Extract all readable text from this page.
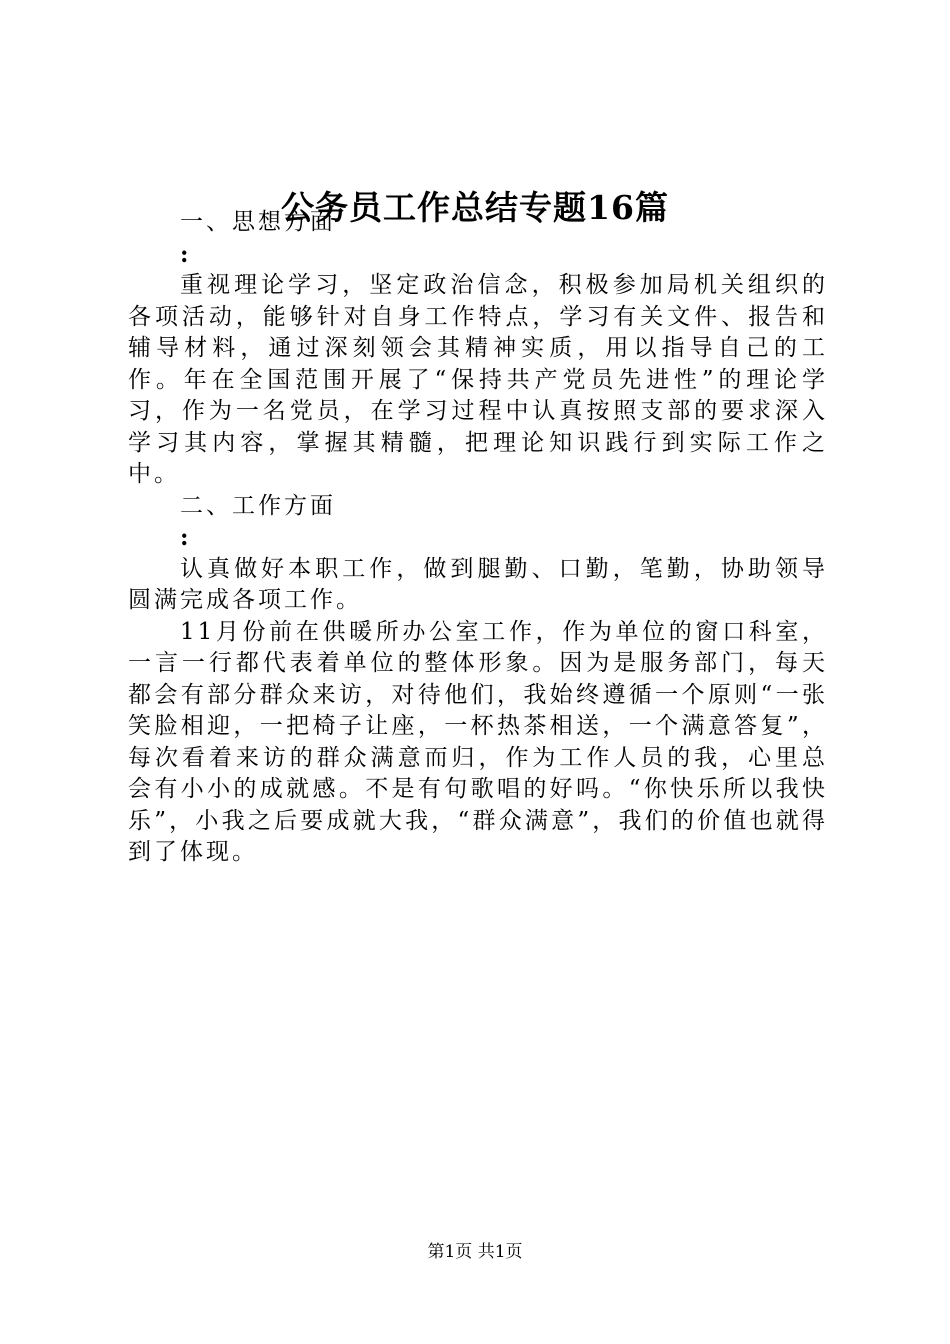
公务员工作总结专题16篇

一、思想方面

:

重视理论学习，坚定政治信念，积极参加局机关组织的各项活动，能够针对自身工作特点，学习有关文件、报告和辅导材料，通过深刻领会其精神实质，用以指导自己的工作。年在全国范围开展了“保持共产党员先进性”的理论学习，作为一名党员，在学习过程中认真按照支部的要求深入学习其内容，掌握其精髓，把理论知识践行到实际工作之中。

二、工作方面

:

认真做好本职工作，做到腿勤、口勤，笔勤，协助领导圆满完成各项工作。

11月份前在供暖所办公室工作，作为单位的窗口科室，一言一行都代表着单位的整体形象。因为是服务部门，每天都会有部分群众来访，对待他们，我始终遵循一个原则“一张笑脸相迎，一把椅子让座，一杯热茶相送，一个满意答复”，每次看着来访的群众满意而归，作为工作人员的我，心里总会有小小的成就感。不是有句歌唱的好吗。“你快乐所以我快乐”，小我之后要成就大我，“群众满意”，我们的价值也就得到了体现。

第1页 共1页
